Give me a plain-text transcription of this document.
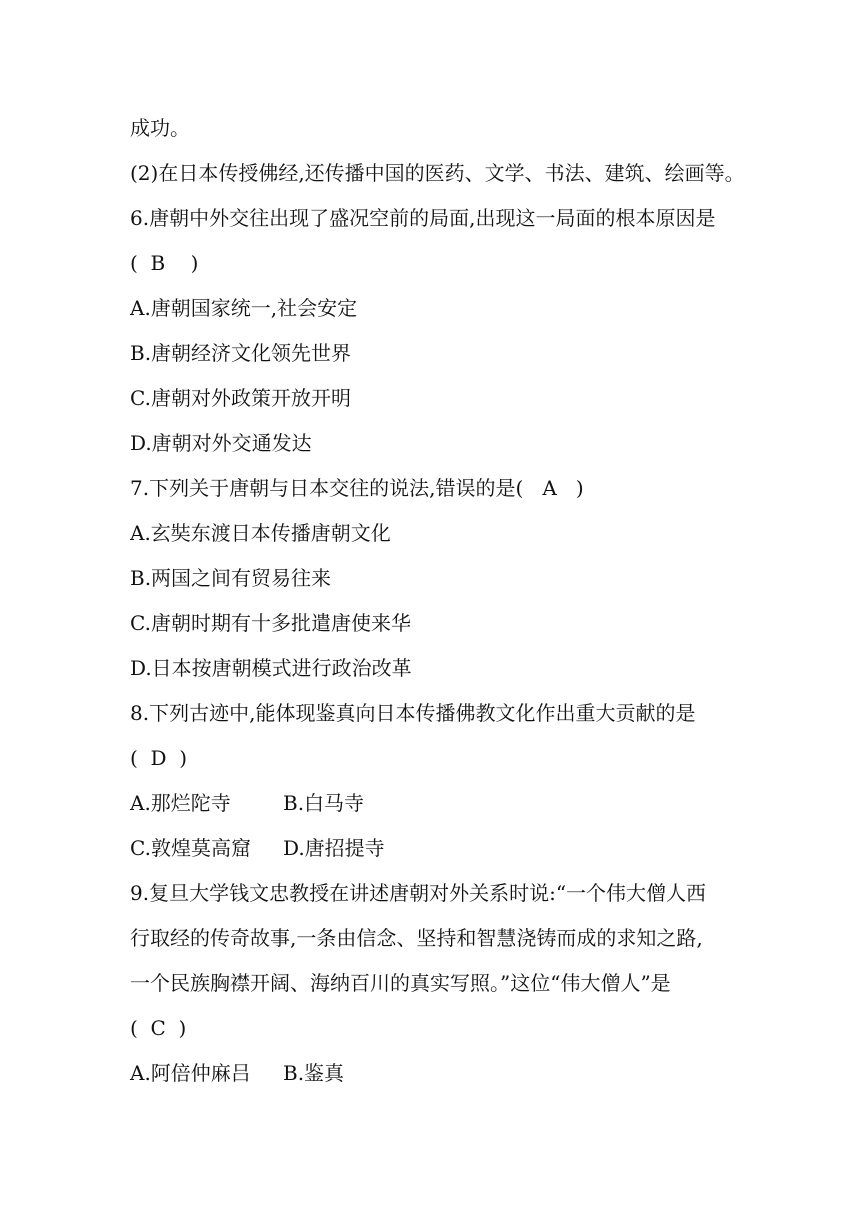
成功。
(2)在日本传授佛经,还传播中国的医药、文学、书法、建筑、绘画等。
6.唐朝中外交往出现了盛况空前的局面,出现这一局面的根本原因是
(  B    )
A.唐朝国家统一,社会安定
B.唐朝经济文化领先世界
C.唐朝对外政策开放开明
D.唐朝对外交通发达
7.下列关于唐朝与日本交往的说法,错误的是(   A   )
A.玄奘东渡日本传播唐朝文化
B.两国之间有贸易往来
C.唐朝时期有十多批遣唐使来华
D.日本按唐朝模式进行政治改革
8.下列古迹中,能体现鉴真向日本传播佛教文化作出重大贡献的是
(  D  )

A.那烂陀寺

	B.白马寺

C.敦煌莫高窟

D.唐招提寺

9.复旦大学钱文忠教授在讲述唐朝对外关系时说:“一个伟大僧人西
行取经的传奇故事,一条由信念、坚持和智慧浇铸而成的求知之路,
一个民族胸襟开阔、海纳百川的真实写照。”这位“伟大僧人”是
(  C  )

A.阿倍仲麻吕

B.鉴真
